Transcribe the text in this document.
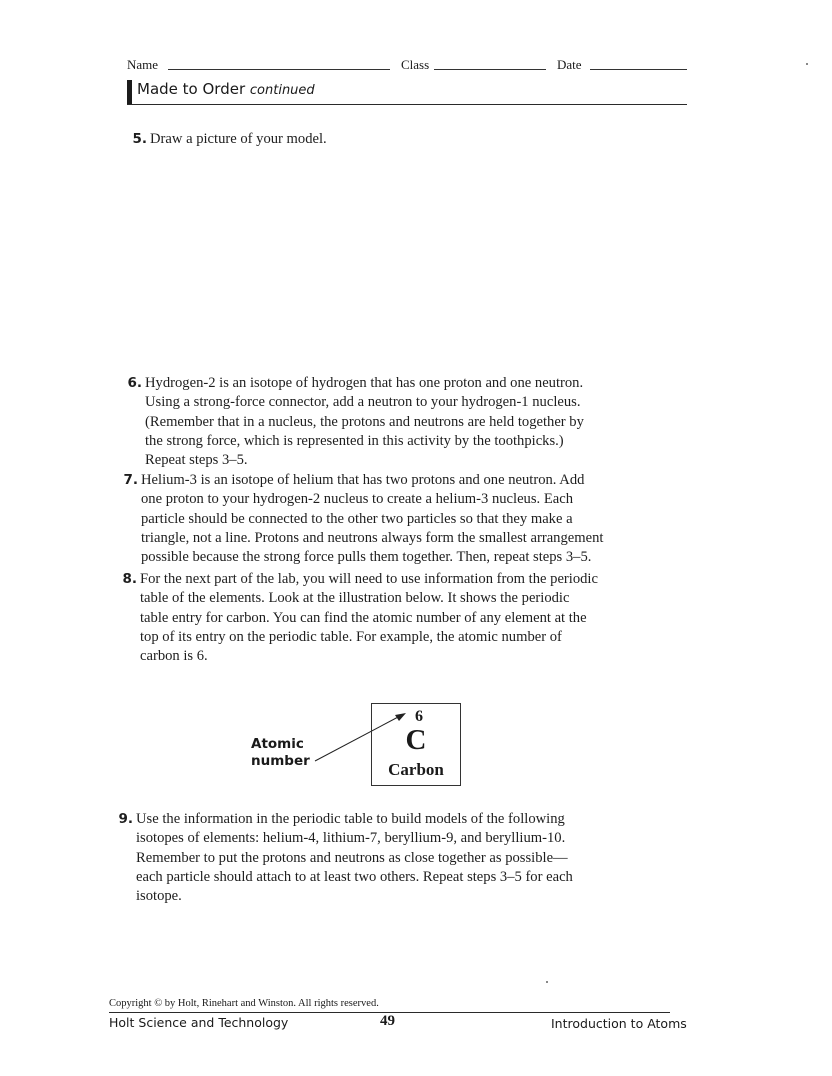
Name	Class	Date
Made to Order continued
5. Draw a picture of your model.
6. Hydrogen-2 is an isotope of hydrogen that has one proton and one neutron.
Using a strong-force connector, add a neutron to your hydrogen-1 nucleus.
(Remember that in a nucleus, the protons and neutrons are held together by
the strong force, which is represented in this activity by the toothpicks.)
Repeat steps 3–5.
7. Helium-3 is an isotope of helium that has two protons and one neutron. Add
one proton to your hydrogen-2 nucleus to create a helium-3 nucleus. Each
particle should be connected to the other two particles so that they make a
triangle, not a line. Protons and neutrons always form the smallest arrangement
possible because the strong force pulls them together. Then, repeat steps 3–5.
8. For the next part of the lab, you will need to use information from the periodic
table of the elements. Look at the illustration below. It shows the periodic
table entry for carbon. You can find the atomic number of any element at the
top of its entry on the periodic table. For example, the atomic number of
carbon is 6.
Atomic
number
6
C
Carbon
9. Use the information in the periodic table to build models of the following
isotopes of elements: helium-4, lithium-7, beryllium-9, and beryllium-10.
Remember to put the protons and neutrons as close together as possible—
each particle should attach to at least two others. Repeat steps 3–5 for each
isotope.
Copyright © by Holt, Rinehart and Winston. All rights reserved.
Holt Science and Technology	49	Introduction to Atoms
